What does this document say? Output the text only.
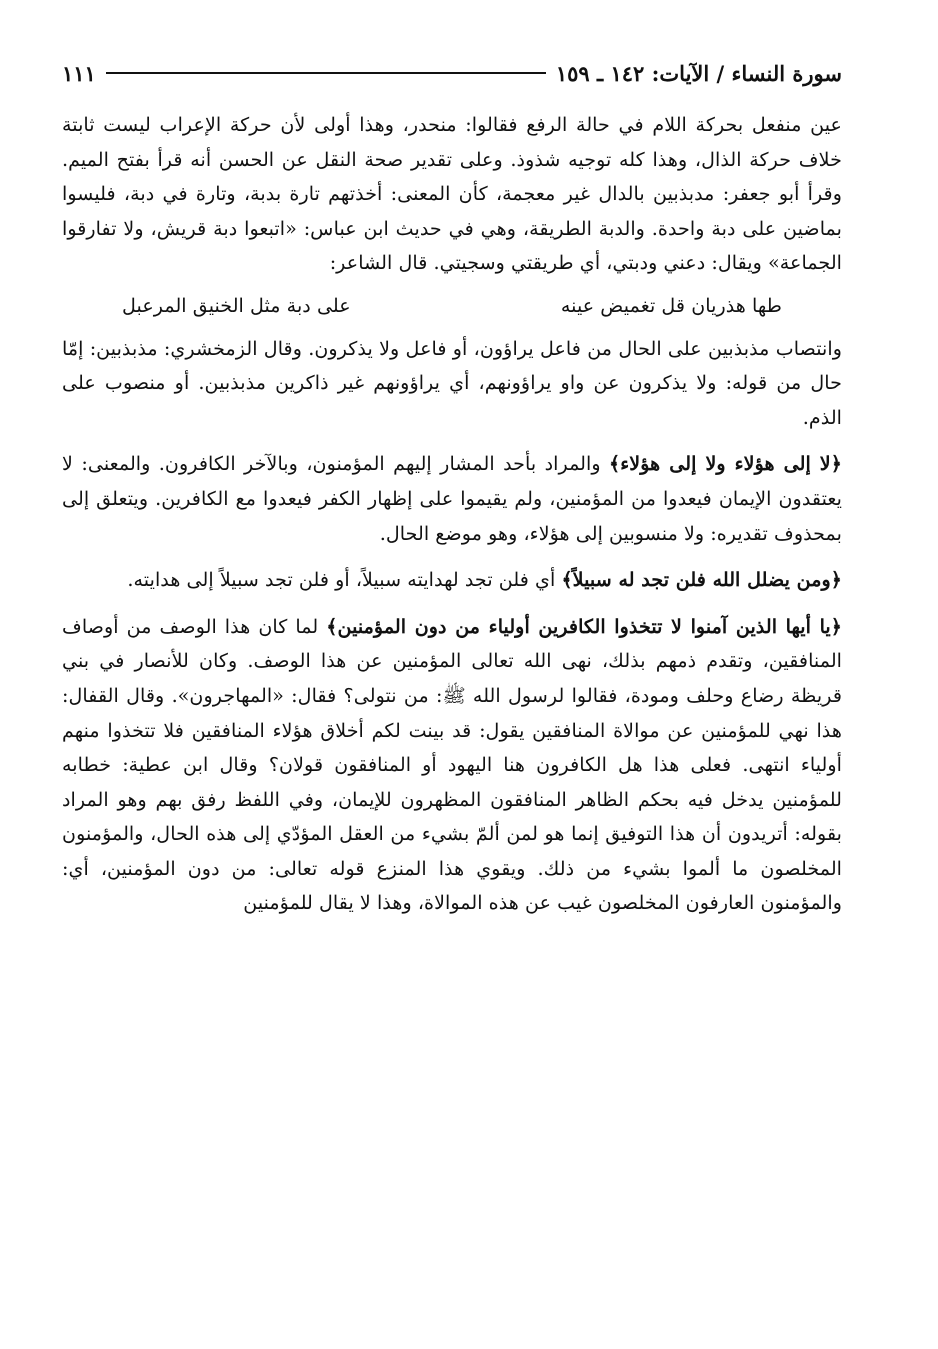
سورة النساء / الآيات: ١٤٢ ـ ١٥٩
١١١

عين منفعل بحركة اللام في حالة الرفع فقالوا: منحدر، وهذا أولى لأن حركة الإعراب ليست ثابتة خلاف حركة الذال، وهذا كله توجيه شذوذ. وعلى تقدير صحة النقل عن الحسن أنه قرأ بفتح الميم. وقرأ أبو جعفر: مدبذبين بالدال غير معجمة، كأن المعنى: أخذتهم تارة بدبة، وتارة في دبة، فليسوا بماضين على دبة واحدة. والدبة الطريقة، وهي في حديث ابن عباس: «اتبعوا دبة قريش، ولا تفارقوا الجماعة» ويقال: دعني ودبتي، أي طريقتي وسجيتي. قال الشاعر:

طها هذريان قل تغميض عينه
على دبة مثل الخنيق المرعبل

وانتصاب مذبذبين على الحال من فاعل يراؤون، أو فاعل ولا يذكرون. وقال الزمخشري: مذبذبين: إمّا حال من قوله: ولا يذكرون عن واو يراؤونهم، أي يراؤونهم غير ذاكرين مذبذبين. أو منصوب على الذم.

﴿لا إلى هؤلاء ولا إلى هؤلاء﴾ والمراد بأحد المشار إليهم المؤمنون، وبالآخر الكافرون. والمعنى: لا يعتقدون الإيمان فيعدوا من المؤمنين، ولم يقيموا على إظهار الكفر فيعدوا مع الكافرين. ويتعلق إلى بمحذوف تقديره: ولا منسوبين إلى هؤلاء، وهو موضع الحال.

﴿ومن يضلل الله فلن تجد له سبيلاً﴾ أي فلن تجد لهدايته سبيلاً، أو فلن تجد سبيلاً إلى هدايته.

﴿يا أيها الذين آمنوا لا تتخذوا الكافرين أولياء من دون المؤمنين﴾ لما كان هذا الوصف من أوصاف المنافقين، وتقدم ذمهم بذلك، نهى الله تعالى المؤمنين عن هذا الوصف. وكان للأنصار في بني قريظة رضاع وحلف ومودة، فقالوا لرسول الله ﷺ: من نتولى؟ فقال: «المهاجرون». وقال القفال: هذا نهي للمؤمنين عن موالاة المنافقين يقول: قد بينت لكم أخلاق هؤلاء المنافقين فلا تتخذوا منهم أولياء انتهى. فعلى هذا هل الكافرون هنا اليهود أو المنافقون قولان؟ وقال ابن عطية: خطابه للمؤمنين يدخل فيه بحكم الظاهر المنافقون المظهرون للإيمان، وفي اللفظ رفق بهم وهو المراد بقوله: أتريدون أن هذا التوفيق إنما هو لمن ألمّ بشيء من العقل المؤدّي إلى هذه الحال، والمؤمنون المخلصون ما ألموا بشيء من ذلك. ويقوي هذا المنزع قوله تعالى: من دون المؤمنين، أي: والمؤمنون العارفون المخلصون غيب عن هذه الموالاة، وهذا لا يقال للمؤمنين
